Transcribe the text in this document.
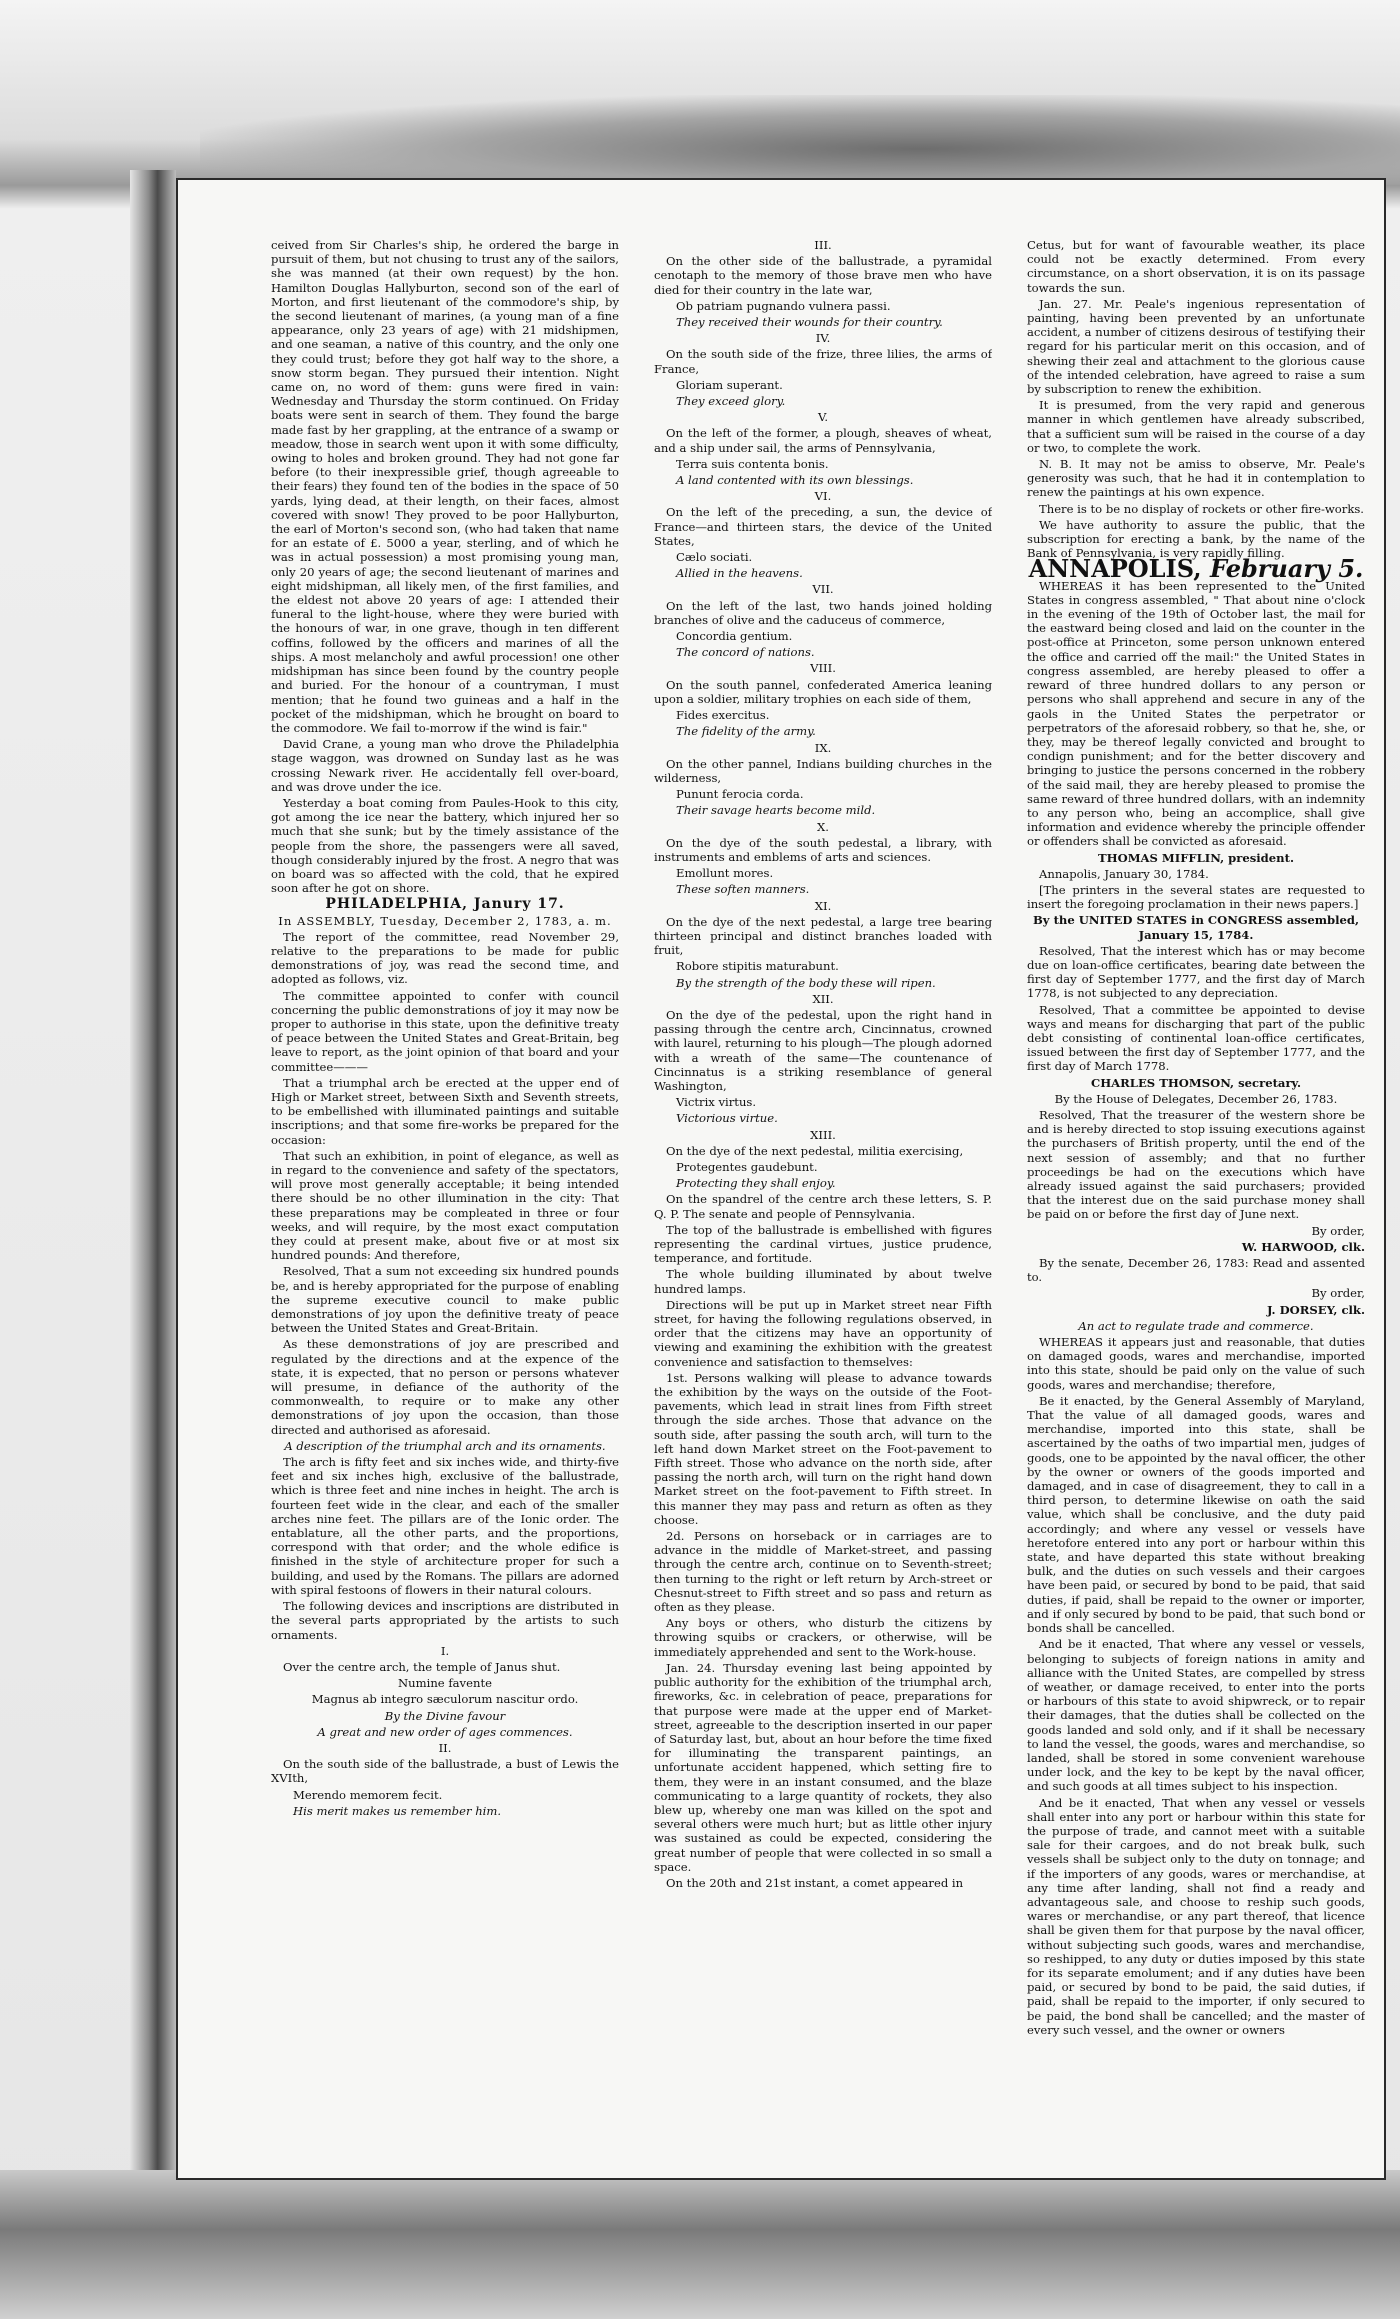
ceived from Sir Charles's ship, he ordered the barge in pursuit of them, but not chusing to trust any of the sailors, she was manned (at their own request) by the hon. Hamilton Douglas Hallyburton, second son of the earl of Morton, and first lieutenant of the commodore's ship, by the second lieutenant of marines, (a young man of a fine appearance, only 23 years of age) with 21 midshipmen, and one seaman, a native of this country, and the only one they could trust; before they got half way to the shore, a snow storm began. They pursued their intention. Night came on, no word of them: guns were fired in vain: Wednesday and Thursday the storm continued. On Friday boats were sent in search of them. They found the barge made fast by her grappling, at the entrance of a swamp or meadow, those in search went upon it with some difficulty, owing to holes and broken ground. They had not gone far before (to their inexpressible grief, though agreeable to their fears) they found ten of the bodies in the space of 50 yards, lying dead, at their length, on their faces, almost covered with snow! They proved to be poor Hallyburton, the earl of Morton's second son, (who had taken that name for an estate of £. 5000 a year, sterling, and of which he was in actual possession) a most promising young man, only 20 years of age; the second lieutenant of marines and eight midshipman, all likely men, of the first families, and the eldest not above 20 years of age: I attended their funeral to the light-house, where they were buried with the honours of war, in one grave, though in ten different coffins, followed by the officers and marines of all the ships. A most melancholy and awful procession! one other midshipman has since been found by the country people and buried. For the honour of a countryman, I must mention; that he found two guineas and a half in the pocket of the midshipman, which he brought on board to the commodore. We fail to-morrow if the wind is fair."

David Crane, a young man who drove the Philadelphia stage waggon, was drowned on Sunday last as he was crossing Newark river. He accidentally fell over-board, and was drove under the ice.

Yesterday a boat coming from Paules-Hook to this city, got among the ice near the battery, which injured her so much that she sunk; but by the timely assistance of the people from the shore, the passengers were all saved, though considerably injured by the frost. A negro that was on board was so affected with the cold, that he expired soon after he got on shore.

PHILADELPHIA, Janury 17.

In ASSEMBLY, Tuesday, December 2, 1783, a. m.

The report of the committee, read November 29, relative to the preparations to be made for public demonstrations of joy, was read the second time, and adopted as follows, viz.

The committee appointed to confer with council concerning the public demonstrations of joy it may now be proper to authorise in this state, upon the definitive treaty of peace between the United States and Great-Britain, beg leave to report, as the joint opinion of that board and your committee———

That a triumphal arch be erected at the upper end of High or Market street, between Sixth and Seventh streets, to be embellished with illuminated paintings and suitable inscriptions; and that some fire-works be prepared for the occasion:

That such an exhibition, in point of elegance, as well as in regard to the convenience and safety of the spectators, will prove most generally acceptable; it being intended there should be no other illumination in the city: That these preparations may be compleated in three or four weeks, and will require, by the most exact computation they could at present make, about five or at most six hundred pounds: And therefore,

Resolved, That a sum not exceeding six hundred pounds be, and is hereby appropriated for the purpose of enabling the supreme executive council to make public demonstrations of joy upon the definitive treaty of peace between the United States and Great-Britain.

As these demonstrations of joy are prescribed and regulated by the directions and at the expence of the state, it is expected, that no person or persons whatever will presume, in defiance of the authority of the commonwealth, to require or to make any other demonstrations of joy upon the occasion, than those directed and authorised as aforesaid.

A description of the triumphal arch and its ornaments.

The arch is fifty feet and six inches wide, and thirty-five feet and six inches high, exclusive of the ballustrade, which is three feet and nine inches in height. The arch is fourteen feet wide in the clear, and each of the smaller arches nine feet. The pillars are of the Ionic order. The entablature, all the other parts, and the proportions, correspond with that order; and the whole edifice is finished in the style of architecture proper for such a building, and used by the Romans. The pillars are adorned with spiral festoons of flowers in their natural colours.

The following devices and inscriptions are distributed in the several parts appropriated by the artists to such ornaments.

I.

Over the centre arch, the temple of Janus shut.

Numine favente

Magnus ab integro sæculorum nascitur ordo.

By the Divine favour

A great and new order of ages commences.

II.

On the south side of the ballustrade, a bust of Lewis the XVIth,

Merendo memorem fecit.

His merit makes us remember him.

III.

On the other side of the ballustrade, a pyramidal cenotaph to the memory of those brave men who have died for their country in the late war,

Ob patriam pugnando vulnera passi.

They received their wounds for their country.

IV.

On the south side of the frize, three lilies, the arms of France,

Gloriam superant.

They exceed glory.

V.

On the left of the former, a plough, sheaves of wheat, and a ship under sail, the arms of Pennsylvania,

Terra suis contenta bonis.

A land contented with its own blessings.

VI.

On the left of the preceding, a sun, the device of France—and thirteen stars, the device of the United States,

Cælo sociati.

Allied in the heavens.

VII.

On the left of the last, two hands joined holding branches of olive and the caduceus of commerce,

Concordia gentium.

The concord of nations.

VIII.

On the south pannel, confederated America leaning upon a soldier, military trophies on each side of them,

Fides exercitus.

The fidelity of the army.

IX.

On the other pannel, Indians building churches in the wilderness,

Pununt ferocia corda.

Their savage hearts become mild.

X.

On the dye of the south pedestal, a library, with instruments and emblems of arts and sciences.

Emollunt mores.

These soften manners.

XI.

On the dye of the next pedestal, a large tree bearing thirteen principal and distinct branches loaded with fruit,

Robore stipitis maturabunt.

By the strength of the body these will ripen.

XII.

On the dye of the pedestal, upon the right hand in passing through the centre arch, Cincinnatus, crowned with laurel, returning to his plough—The plough adorned with a wreath of the same—The countenance of Cincinnatus is a striking resemblance of general Washington,

Victrix virtus.

Victorious virtue.

XIII.

On the dye of the next pedestal, militia exercising,

Protegentes gaudebunt.

Protecting they shall enjoy.

On the spandrel of the centre arch these letters, S. P. Q. P. The senate and people of Pennsylvania.

The top of the ballustrade is embellished with figures representing the cardinal virtues, justice prudence, temperance, and fortitude.

The whole building illuminated by about twelve hundred lamps.

Directions will be put up in Market street near Fifth street, for having the following regulations observed, in order that the citizens may have an opportunity of viewing and examining the exhibition with the greatest convenience and satisfaction to themselves:

1st. Persons walking will please to advance towards the exhibition by the ways on the outside of the Foot-pavements, which lead in strait lines from Fifth street through the side arches. Those that advance on the south side, after passing the south arch, will turn to the left hand down Market street on the Foot-pavement to Fifth street. Those who advance on the north side, after passing the north arch, will turn on the right hand down Market street on the foot-pavement to Fifth street. In this manner they may pass and return as often as they choose.

2d. Persons on horseback or in carriages are to advance in the middle of Market-street, and passing through the centre arch, continue on to Seventh-street; then turning to the right or left return by Arch-street or Chesnut-street to Fifth street and so pass and return as often as they please.

Any boys or others, who disturb the citizens by throwing squibs or crackers, or otherwise, will be immediately apprehended and sent to the Work-house.

Jan. 24. Thursday evening last being appointed by public authority for the exhibition of the triumphal arch, fireworks, &c. in celebration of peace, preparations for that purpose were made at the upper end of Market-street, agreeable to the description inserted in our paper of Saturday last, but, about an hour before the time fixed for illuminating the transparent paintings, an unfortunate accident happened, which setting fire to them, they were in an instant consumed, and the blaze communicating to a large quantity of rockets, they also blew up, whereby one man was killed on the spot and several others were much hurt; but as little other injury was sustained as could be expected, considering the great number of people that were collected in so small a space.

On the 20th and 21st instant, a comet appeared in

Cetus, but for want of favourable weather, its place could not be exactly determined. From every circumstance, on a short observation, it is on its passage towards the sun.

Jan. 27. Mr. Peale's ingenious representation of painting, having been prevented by an unfortunate accident, a number of citizens desirous of testifying their regard for his particular merit on this occasion, and of shewing their zeal and attachment to the glorious cause of the intended celebration, have agreed to raise a sum by subscription to renew the exhibition.

It is presumed, from the very rapid and generous manner in which gentlemen have already subscribed, that a sufficient sum will be raised in the course of a day or two, to complete the work.

N. B. It may not be amiss to observe, Mr. Peale's generosity was such, that he had it in contemplation to renew the paintings at his own expence.

There is to be no display of rockets or other fire-works.

We have authority to assure the public, that the subscription for erecting a bank, by the name of the Bank of Pennsylvania, is very rapidly filling.

ANNAPOLIS, February 5.

WHEREAS it has been represented to the United States in congress assembled, " That about nine o'clock in the evening of the 19th of October last, the mail for the eastward being closed and laid on the counter in the post-office at Princeton, some person unknown entered the office and carried off the mail:" the United States in congress assembled, are hereby pleased to offer a reward of three hundred dollars to any person or persons who shall apprehend and secure in any of the gaols in the United States the perpetrator or perpetrators of the aforesaid robbery, so that he, she, or they, may be thereof legally convicted and brought to condign punishment; and for the better discovery and bringing to justice the persons concerned in the robbery of the said mail, they are hereby pleased to promise the same reward of three hundred dollars, with an indemnity to any person who, being an accomplice, shall give information and evidence whereby the principle offender or offenders shall be convicted as aforesaid.

THOMAS MIFFLIN, president.

Annapolis, January 30, 1784.

[The printers in the several states are requested to insert the foregoing proclamation in their news papers.]

By the UNITED STATES in CONGRESS assembled, January 15, 1784.

Resolved, That the interest which has or may become due on loan-office certificates, bearing date between the first day of September 1777, and the first day of March 1778, is not subjected to any depreciation.

Resolved, That a committee be appointed to devise ways and means for discharging that part of the public debt consisting of continental loan-office certificates, issued between the first day of September 1777, and the first day of March 1778.

CHARLES THOMSON, secretary.

By the House of Delegates, December 26, 1783.

Resolved, That the treasurer of the western shore be and is hereby directed to stop issuing executions against the purchasers of British property, until the end of the next session of assembly; and that no further proceedings be had on the executions which have already issued against the said purchasers; provided that the interest due on the said purchase money shall be paid on or before the first day of June next.

By order,

W. HARWOOD, clk.

By the senate, December 26, 1783: Read and assented to.

By order,

J. DORSEY, clk.

An act to regulate trade and commerce.

WHEREAS it appears just and reasonable, that duties on damaged goods, wares and merchandise, imported into this state, should be paid only on the value of such goods, wares and merchandise; therefore,

Be it enacted, by the General Assembly of Maryland, That the value of all damaged goods, wares and merchandise, imported into this state, shall be ascertained by the oaths of two impartial men, judges of goods, one to be appointed by the naval officer, the other by the owner or owners of the goods imported and damaged, and in case of disagreement, they to call in a third person, to determine likewise on oath the said value, which shall be conclusive, and the duty paid accordingly; and where any vessel or vessels have heretofore entered into any port or harbour within this state, and have departed this state without breaking bulk, and the duties on such vessels and their cargoes have been paid, or secured by bond to be paid, that said duties, if paid, shall be repaid to the owner or importer, and if only secured by bond to be paid, that such bond or bonds shall be cancelled.

And be it enacted, That where any vessel or vessels, belonging to subjects of foreign nations in amity and alliance with the United States, are compelled by stress of weather, or damage received, to enter into the ports or harbours of this state to avoid shipwreck, or to repair their damages, that the duties shall be collected on the goods landed and sold only, and if it shall be necessary to land the vessel, the goods, wares and merchandise, so landed, shall be stored in some convenient warehouse under lock, and the key to be kept by the naval officer, and such goods at all times subject to his inspection.

And be it enacted, That when any vessel or vessels shall enter into any port or harbour within this state for the purpose of trade, and cannot meet with a suitable sale for their cargoes, and do not break bulk, such vessels shall be subject only to the duty on tonnage; and if the importers of any goods, wares or merchandise, at any time after landing, shall not find a ready and advantageous sale, and choose to reship such goods, wares or merchandise, or any part thereof, that licence shall be given them for that purpose by the naval officer, without subjecting such goods, wares and merchandise, so reshipped, to any duty or duties imposed by this state for its separate emolument; and if any duties have been paid, or secured by bond to be paid, the said duties, if paid, shall be repaid to the importer, if only secured to be paid, the bond shall be cancelled; and the master of every such vessel, and the owner or owners
